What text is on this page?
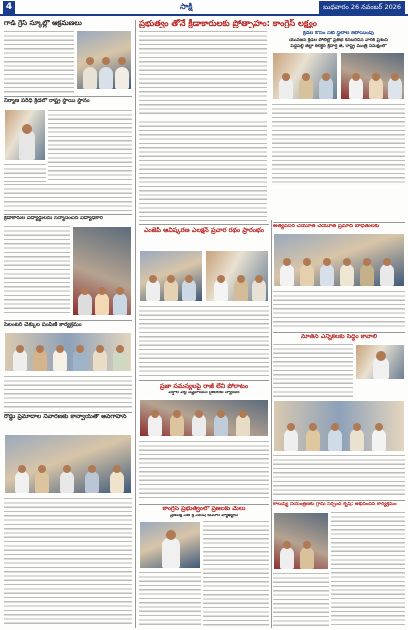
4	సాక్షి	బుధవారం 26 నవంబర్ 2026
గాడ్ గ్రేస్ స్కూల్లో ఆక్రమణలు
నిర్మాణ పరిధి క్రీడలో రాష్ట్ర స్థాయి స్థానం
క్రీడాకారుల విద్యార్థులను సన్మానించిన విద్యాధికారి
సెలంటర్ చెక్కుల పంపిణీ కార్యక్రమం
రోడ్డు ప్రమాదాల నివారణకు కాన్వాయ్‌తో అవగాహన
ప్రభుత్వం తోనే క్రీడాకారులకు ప్రోత్సాహం: కాంగ్రెస్ లక్ష్యం
క్రీడల కోసం నీటి స్థలాల కేటాయింపు
యువజన క్రీడల పోటీల్లో ప్రతిభ కనబరిచిన వారికి ప్రశంస
పెద్దపల్లి జిల్లా కలెక్టర్ శ్రీహర్ష జీ, రాష్ట్ర మంత్రి సమక్షంలో
ఎంజెపి ఆవిష్కరణ ఎలక్షన్ ప్రచార రథం ప్రారంభం
ప్రజా సమస్యలపై రాజీ లేని పోరాటం
వర్షాల వల్ల నష్టపోయిన రైతులకు న్యాయం
అత్యవసర చేయూత చేయూత ప్రమాద బాధితులకు
నూతన ఎన్నికలకు సిద్ధం కావాలి
కాలుష్య నియంత్రణకు గ్రామ సర్పంచ్ కృషి: అభినందన కార్యక్రమం
కాంగ్రెస్ ప్రభుత్వంలో ప్రజలకు మేలు
ప్రతిపక్ష నేత శ్రీ సురేష్ కుమార్ వ్యాఖ్యలు
